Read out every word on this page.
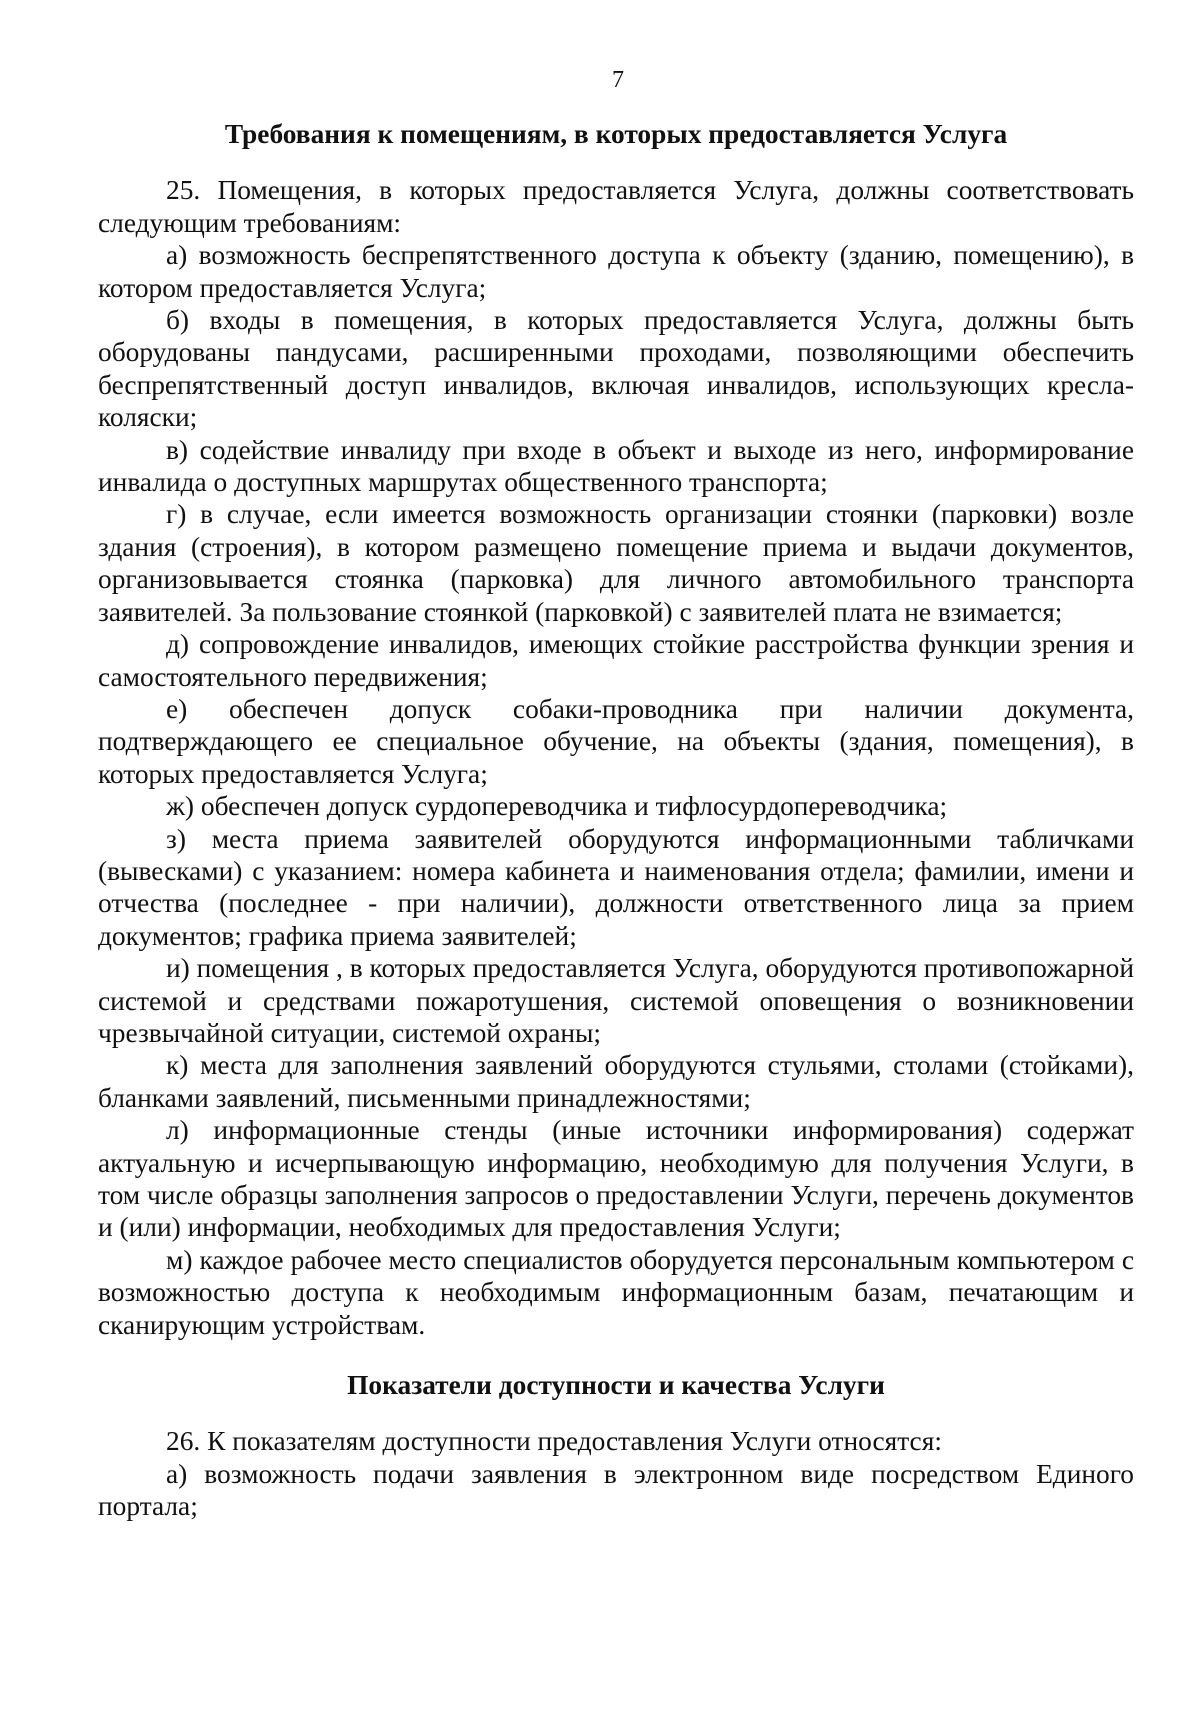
7

Требования к помещениям, в которых предоставляется Услуга

25. Помещения, в которых предоставляется Услуга, должны соответствовать следующим требованиям:

а) возможность беспрепятственного доступа к объекту (зданию, помещению), в котором предоставляется Услуга;

б) входы в помещения, в которых предоставляется Услуга, должны быть оборудованы пандусами, расширенными проходами, позволяющими обеспечить беспрепятственный доступ инвалидов, включая инвалидов, использующих кресла-коляски;

в) содействие инвалиду при входе в объект и выходе из него, информирование инвалида о доступных маршрутах общественного транспорта;

г) в случае, если имеется возможность организации стоянки (парковки) возле здания (строения), в котором размещено помещение приема и выдачи документов, организовывается стоянка (парковка) для личного автомобильного транспорта заявителей. За пользование стоянкой (парковкой) с заявителей плата не взимается;

д) сопровождение инвалидов, имеющих стойкие расстройства функции зрения и самостоятельного передвижения;

е) обеспечен допуск собаки-проводника при наличии документа, подтверждающего ее специальное обучение, на объекты (здания, помещения), в которых предоставляется Услуга;

ж) обеспечен допуск сурдопереводчика и тифлосурдопереводчика;

з) места приема заявителей оборудуются информационными табличками (вывесками) с указанием: номера кабинета и наименования отдела; фамилии, имени и отчества (последнее - при наличии), должности ответственного лица за прием документов; графика приема заявителей;

и) помещения , в которых предоставляется Услуга, оборудуются противопожарной системой и средствами пожаротушения, системой оповещения о возникновении чрезвычайной ситуации, системой охраны;

к) места для заполнения заявлений оборудуются стульями, столами (стойками), бланками заявлений, письменными принадлежностями;

л) информационные стенды (иные источники информирования) содержат актуальную и исчерпывающую информацию, необходимую для получения Услуги, в том числе образцы заполнения запросов о предоставлении Услуги, перечень документов и (или) информации, необходимых для предоставления Услуги;

м) каждое рабочее место специалистов оборудуется персональным компьютером с возможностью доступа к необходимым информационным базам, печатающим и сканирующим устройствам.

Показатели доступности и качества Услуги

26. К показателям доступности предоставления Услуги относятся:

а) возможность подачи заявления в электронном виде посредством Единого портала;
